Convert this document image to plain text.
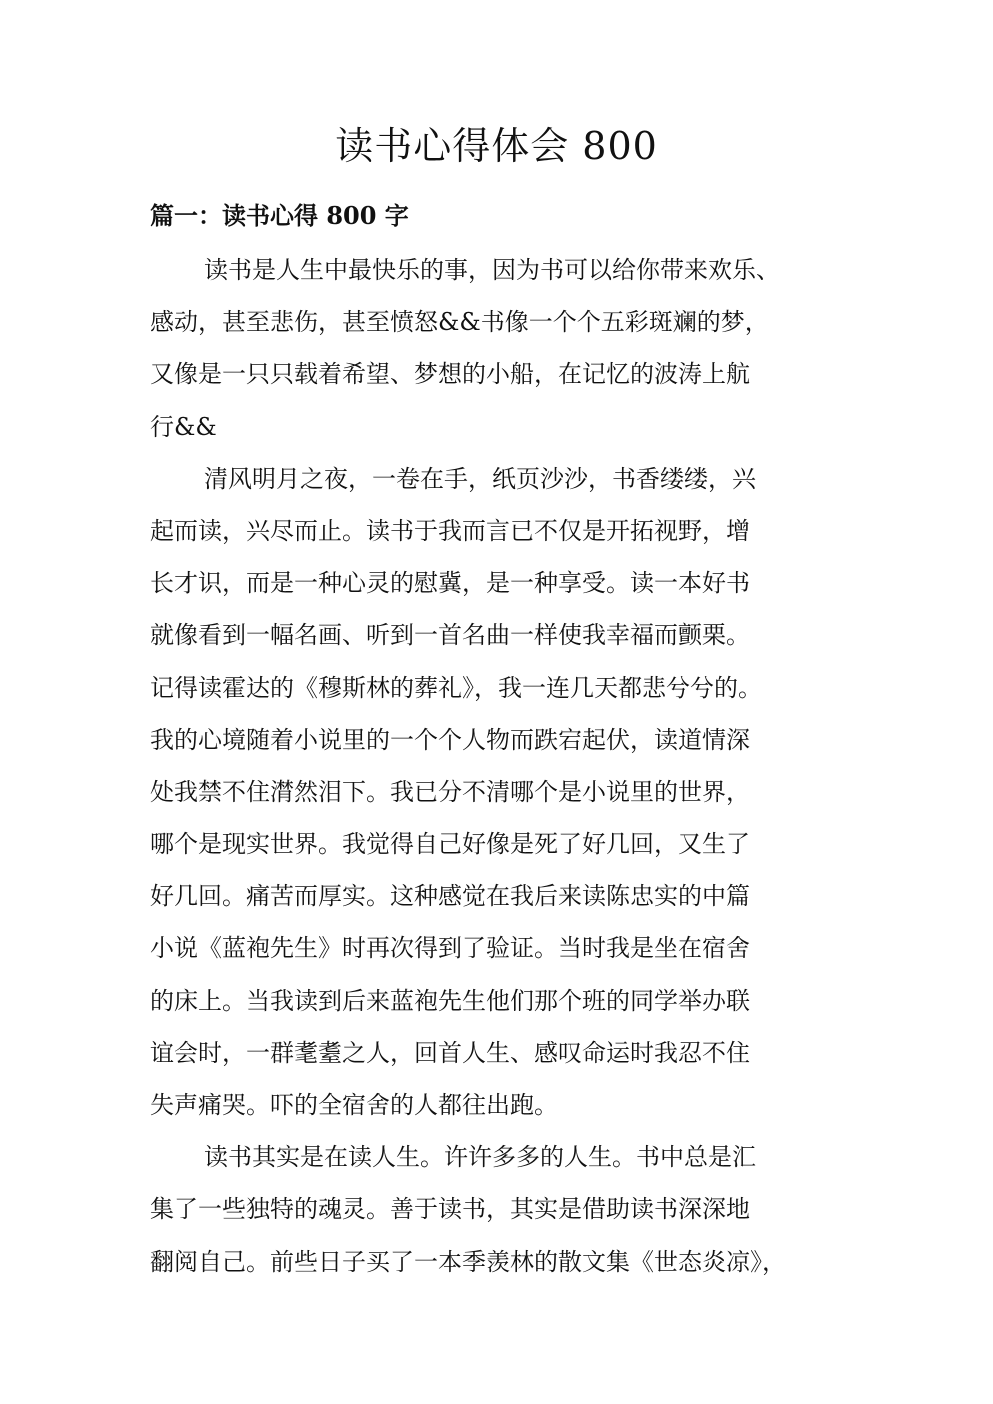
读书心得体会 800
篇一：读书心得 800 字
读书是人生中最快乐的事，因为书可以给你带来欢乐、
感动，甚至悲伤，甚至愤怒&&书像一个个五彩斑斓的梦，
又像是一只只载着希望、梦想的小船，在记忆的波涛上航
行&&
清风明月之夜，一卷在手，纸页沙沙，书香缕缕，兴
起而读，兴尽而止。读书于我而言已不仅是开拓视野，增
长才识，而是一种心灵的慰冀，是一种享受。读一本好书
就像看到一幅名画、听到一首名曲一样使我幸福而颤栗。
记得读霍达的《穆斯林的葬礼》，我一连几天都悲兮兮的。
我的心境随着小说里的一个个人物而跌宕起伏，读道情深
处我禁不住潸然泪下。我已分不清哪个是小说里的世界，
哪个是现实世界。我觉得自己好像是死了好几回，又生了
好几回。痛苦而厚实。这种感觉在我后来读陈忠实的中篇
小说《蓝袍先生》时再次得到了验证。当时我是坐在宿舍
的床上。当我读到后来蓝袍先生他们那个班的同学举办联
谊会时，一群耄耋之人，回首人生、感叹命运时我忍不住
失声痛哭。吓的全宿舍的人都往出跑。
读书其实是在读人生。许许多多的人生。书中总是汇
集了一些独特的魂灵。善于读书，其实是借助读书深深地
翻阅自己。前些日子买了一本季羡林的散文集《世态炎凉》，
